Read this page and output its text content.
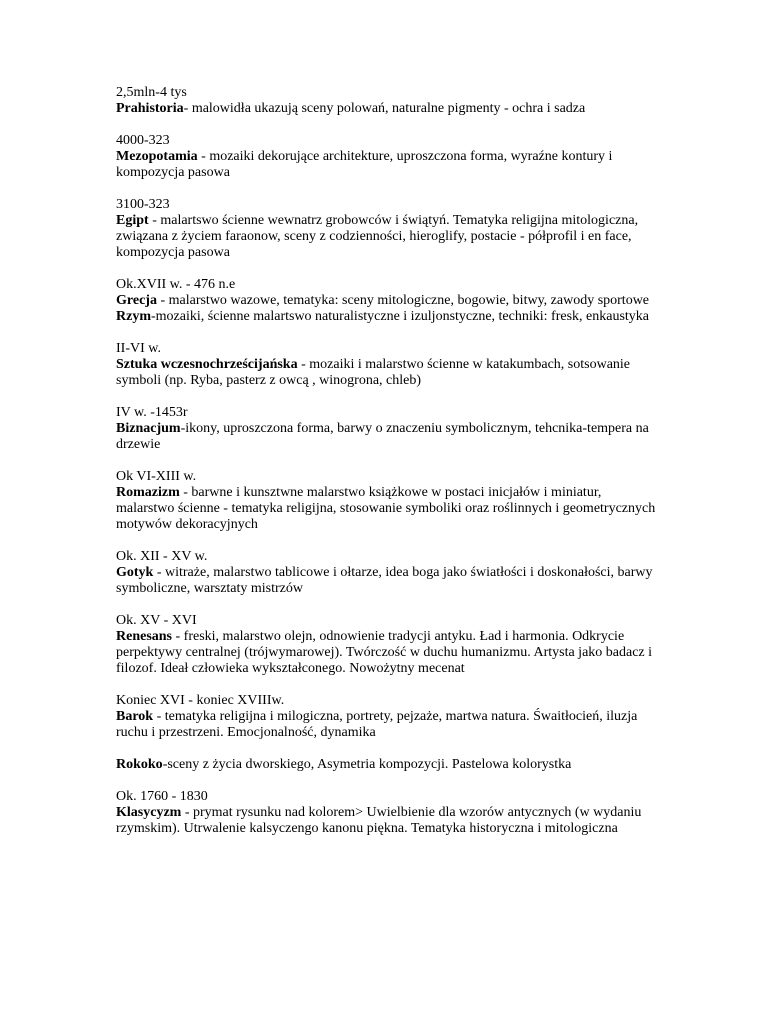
2,5mln-4 tys
Prahistoria- malowidła ukazują sceny polowań, naturalne pigmenty - ochra i sadza
4000-323
Mezopotamia - mozaiki dekorujące architekture, uproszczona forma, wyraźne kontury i kompozycja pasowa
3100-323
Egipt - malartswo ścienne wewnatrz grobowców i świątyń. Tematyka religijna mitologiczna, związana z życiem faraonow, sceny z codzienności, hieroglify, postacie - półprofil i en face, kompozycja pasowa
Ok.XVII w. - 476 n.e
Grecja - malarstwo wazowe, tematyka: sceny mitologiczne, bogowie, bitwy, zawody sportowe
Rzym-mozaiki, ścienne malartswo naturalistyczne i izuljonstyczne, techniki: fresk, enkaustyka
II-VI w.
Sztuka wczesnochrześcijańska - mozaiki i malarstwo ścienne w katakumbach, sotsowanie symboli (np. Ryba, pasterz z owcą , winogrona, chleb)
IV w. -1453r
Biznacjum-ikony, uproszczona forma, barwy o znaczeniu symbolicznym, tehcnika-tempera na drzewie
Ok VI-XIII w.
Romazizm - barwne i kunsztwne malarstwo książkowe w postaci inicjałów i miniatur, malarstwo ścienne - tematyka religijna, stosowanie symboliki oraz roślinnych i geometrycznych motywów dekoracyjnych
Ok. XII - XV w.
Gotyk - witraże, malarstwo tablicowe i ołtarze, idea boga jako światłości i doskonałości, barwy symboliczne, warsztaty mistrzów
Ok. XV - XVI
Renesans - freski, malarstwo olejn, odnowienie tradycji antyku. Ład i harmonia. Odkrycie perpektywy centralnej (trójwymarowej). Twórczość w duchu humanizmu. Artysta jako badacz i filozof. Ideał człowieka wykształconego. Nowożytny mecenat
Koniec XVI - koniec XVIIIw.
Barok - tematyka religijna i milogiczna, portrety, pejzaże, martwa natura. Śwaitłocień, iluzja ruchu i przestrzeni. Emocjonalność, dynamika
Rokoko-sceny z życia dworskiego, Asymetria kompozycji. Pastelowa kolorystka
Ok. 1760 - 1830
Klasycyzm - prymat rysunku nad kolorem> Uwielbienie dla wzorów antycznych (w wydaniu rzymskim). Utrwalenie kalsyczengo kanonu piękna. Tematyka historyczna i mitologiczna
